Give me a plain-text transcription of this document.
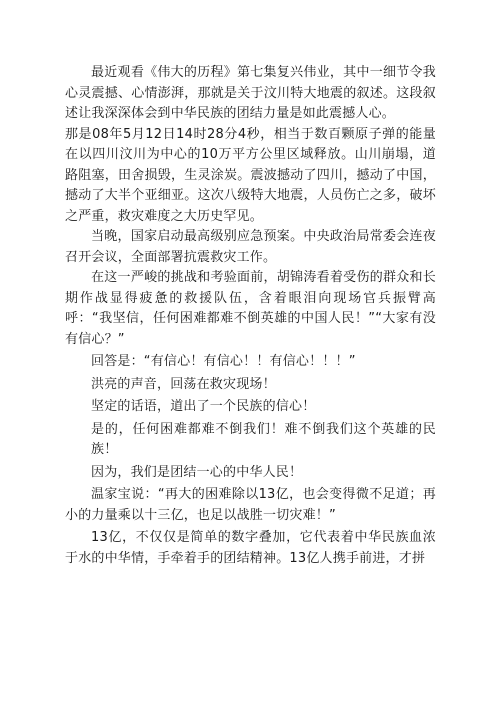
最近观看《伟大的历程》第七集复兴伟业，其中一细节令我心灵震撼、心情澎湃，那就是关于汶川特大地震的叙述。这段叙述让我深深体会到中华民族的团结力量是如此震撼人心。

那是08年5月12日14时28分4秒，相当于数百颗原子弹的能量在以四川汶川为中心的10万平方公里区域释放。山川崩塌，道路阻塞，田舍损毁，生灵涂炭。震波撼动了四川，撼动了中国，撼动了大半个亚细亚。这次八级特大地震，人员伤亡之多，破坏之严重，救灾难度之大历史罕见。

当晚，国家启动最高级别应急预案。中央政治局常委会连夜召开会议，全面部署抗震救灾工作。

在这一严峻的挑战和考验面前，胡锦涛看着受伤的群众和长期作战显得疲惫的救援队伍，含着眼泪向现场官兵振臂高呼：“我坚信，任何困难都难不倒英雄的中国人民！”“大家有没有信心？”

回答是：“有信心！有信心！！有信心！！！”

洪亮的声音，回荡在救灾现场！

坚定的话语，道出了一个民族的信心！

是的，任何困难都难不倒我们！难不倒我们这个英雄的民族！

因为，我们是团结一心的中华人民！

温家宝说：“再大的困难除以13亿，也会变得微不足道；再小的力量乘以十三亿，也足以战胜一切灾难！”

13亿，不仅仅是简单的数字叠加，它代表着中华民族血浓于水的中华情，手牵着手的团结精神。13亿人携手前进，才拼
